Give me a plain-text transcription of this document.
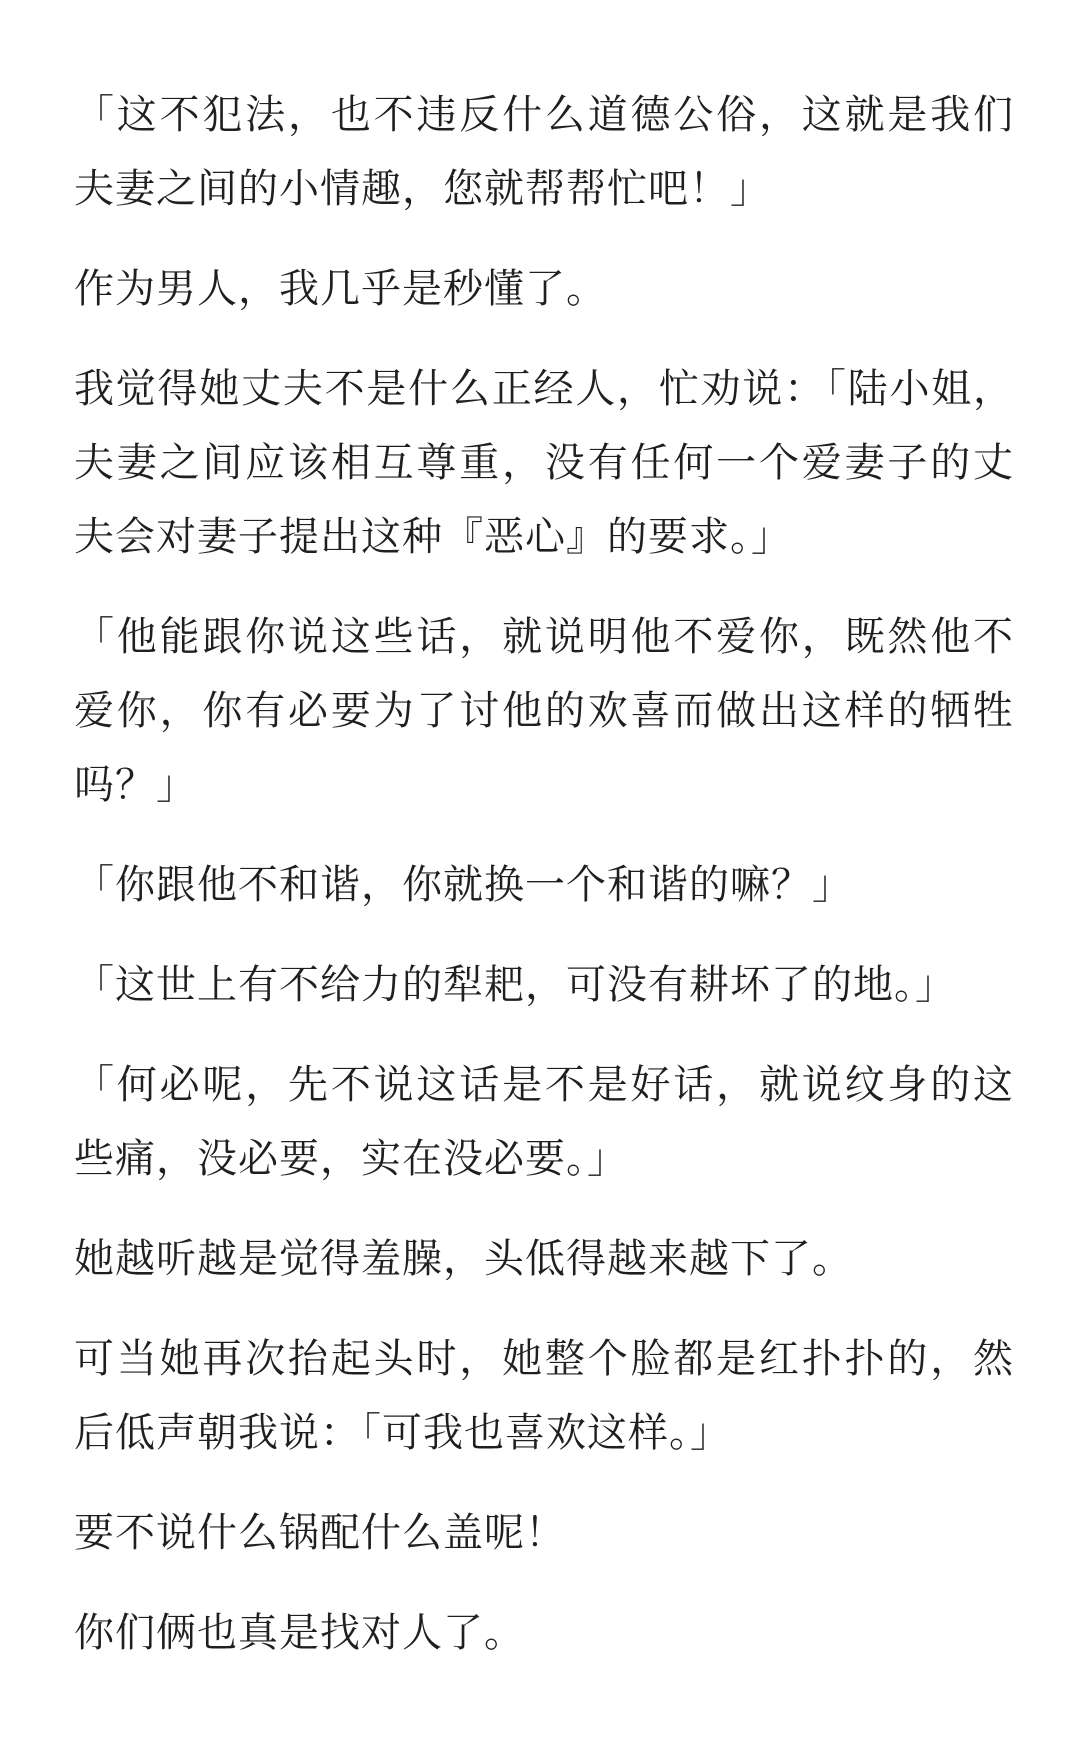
「这不犯法，也不违反什么道德公俗，这就是我们夫妻之间的小情趣，您就帮帮忙吧！」

作为男人，我几乎是秒懂了。

我觉得她丈夫不是什么正经人，忙劝说：「陆小姐，夫妻之间应该相互尊重，没有任何一个爱妻子的丈夫会对妻子提出这种『恶心』的要求。」

「他能跟你说这些话，就说明他不爱你，既然他不爱你，你有必要为了讨他的欢喜而做出这样的牺牲吗？」

「你跟他不和谐，你就换一个和谐的嘛？」

「这世上有不给力的犁耙，可没有耕坏了的地。」

「何必呢，先不说这话是不是好话，就说纹身的这些痛，没必要，实在没必要。」

她越听越是觉得羞臊，头低得越来越下了。

可当她再次抬起头时，她整个脸都是红扑扑的，然后低声朝我说：「可我也喜欢这样。」

要不说什么锅配什么盖呢！

你们俩也真是找对人了。
